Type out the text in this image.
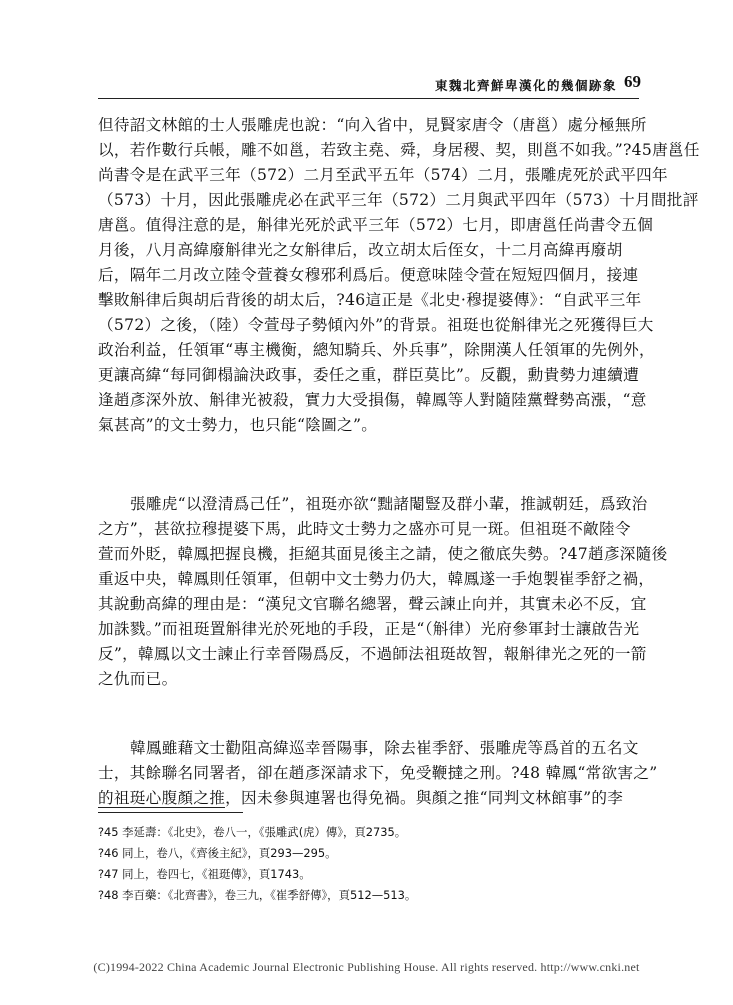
東魏北齊鮮卑漢化的幾個跡象 69
但待詔文林館的士人張雕虎也說：“向入省中，見賢家唐令（唐邕）處分極無所
以，若作數行兵帳，雕不如邕，若致主堯、舜，身居稷、契，則邕不如我。”?45唐邕任
尚書令是在武平三年（572）二月至武平五年（574）二月，張雕虎死於武平四年
（573）十月，因此張雕虎必在武平三年（572）二月與武平四年（573）十月間批評
唐邕。值得注意的是，斛律光死於武平三年（572）七月，即唐邕任尚書令五個
月後，八月高緯廢斛律光之女斛律后，改立胡太后侄女，十二月高緯再廢胡
后，隔年二月改立陸令萱養女穆邪利爲后。便意味陸令萱在短短四個月，接連
擊敗斛律后與胡后背後的胡太后，?46這正是《北史·穆提婆傳》：“自武平三年
（572）之後，（陸）令萱母子勢傾內外”的背景。祖珽也從斛律光之死獲得巨大
政治利益，任領軍“專主機衡，總知騎兵、外兵事”，除開漢人任領軍的先例外，
更讓高緯“每同御榻論決政事，委任之重，群臣莫比”。反觀，勳貴勢力連續遭
逢趙彥深外放、斛律光被殺，實力大受損傷，韓鳳等人對隨陸黨聲勢高漲，“意
氣甚高”的文士勢力，也只能“陰圖之”。
張雕虎“以澄清爲己任”，祖珽亦欲“黜諸閹豎及群小輩，推誠朝廷，爲致治
之方”，甚欲拉穆提婆下馬，此時文士勢力之盛亦可見一斑。但祖珽不敵陸令
萱而外貶，韓鳳把握良機，拒絕其面見後主之請，使之徹底失勢。?47趙彥深隨後
重返中央，韓鳳則任領軍，但朝中文士勢力仍大，韓鳳遂一手炮製崔季舒之禍，
其說動高緯的理由是：“漢兒文官聯名總署，聲云諫止向并，其實未必不反，宜
加誅戮。”而祖珽置斛律光於死地的手段，正是“（斛律）光府參軍封士讓啟告光
反”，韓鳳以文士諫止行幸晉陽爲反，不過師法祖珽故智，報斛律光之死的一箭
之仇而已。
韓鳳雖藉文士勸阻高緯巡幸晉陽事，除去崔季舒、張雕虎等爲首的五名文
士，其餘聯名同署者，卻在趙彥深請求下，免受鞭撻之刑。?48 韓鳳“常欲害之”
的祖珽心腹顏之推，因未參與連署也得免禍。與顏之推“同判文林館事”的李
?45 李延壽：《北史》，卷八一，《張雕武(虎）傳》，頁2735。
?46 同上，卷八，《齊後主紀》，頁293—295。
?47 同上，卷四七，《祖珽傳》，頁1743。
?48 李百藥：《北齊書》，卷三九，《崔季舒傳》，頁512—513。
(C)1994-2022 China Academic Journal Electronic Publishing House. All rights reserved. http://www.cnki.net
